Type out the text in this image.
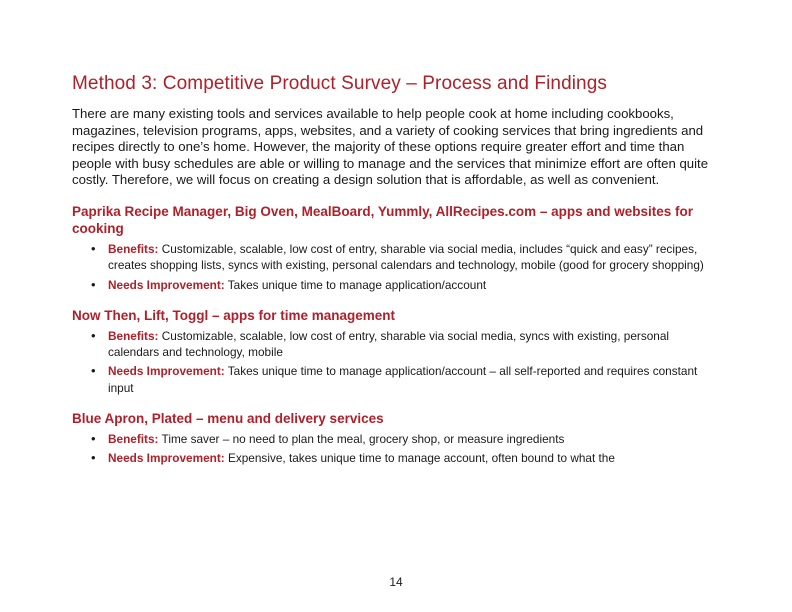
Method 3: Competitive Product Survey – Process and Findings

There are many existing tools and services available to help people cook at home including cookbooks, magazines, television programs, apps, websites, and a variety of cooking services that bring ingredients and recipes directly to one’s home. However, the majority of these options require greater effort and time than people with busy schedules are able or willing to manage and the services that minimize effort are often quite costly. Therefore, we will focus on creating a design solution that is affordable, as well as convenient.

Paprika Recipe Manager, Big Oven, MealBoard, Yummly, AllRecipes.com – apps and websites for cooking
• Benefits: Customizable, scalable, low cost of entry, sharable via social media, includes “quick and easy” recipes, creates shopping lists, syncs with existing, personal calendars and technology, mobile (good for grocery shopping)
• Needs Improvement: Takes unique time to manage application/account
Now Then, Lift, Toggl – apps for time management
• Benefits: Customizable, scalable, low cost of entry, sharable via social media, syncs with existing, personal calendars and technology, mobile
• Needs Improvement: Takes unique time to manage application/account – all self-reported and requires constant input
Blue Apron, Plated – menu and delivery services
• Benefits: Time saver – no need to plan the meal, grocery shop, or measure ingredients
• Needs Improvement: Expensive, takes unique time to manage account, often bound to what the
14
